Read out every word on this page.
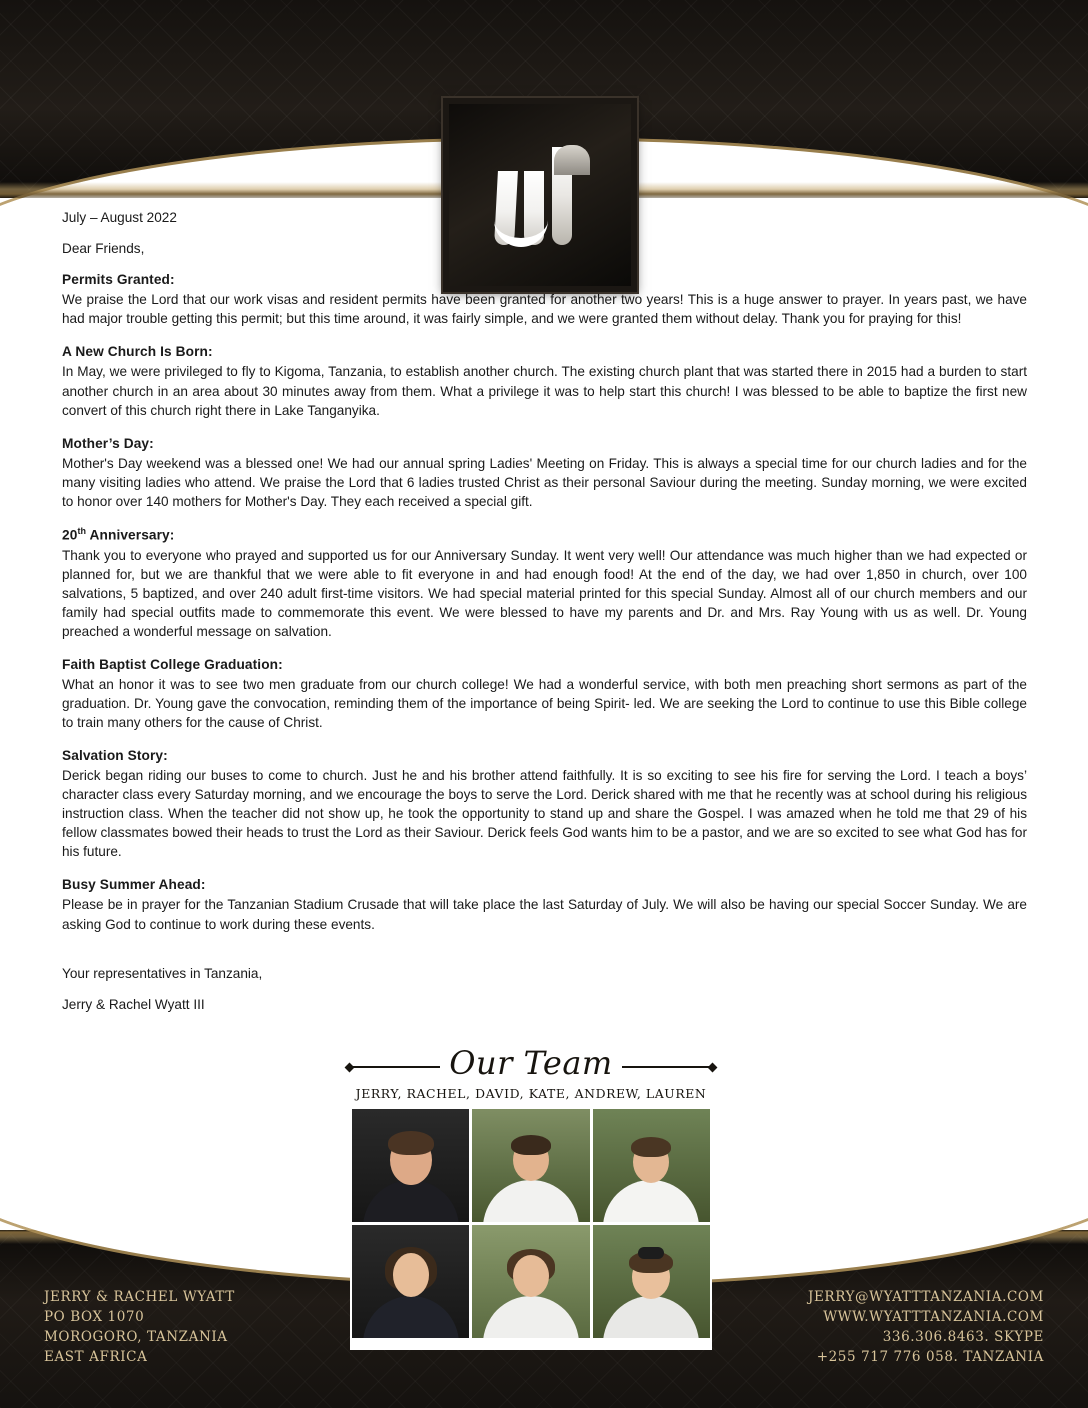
July – August 2022

Dear Friends,

Permits Granted:

We praise the Lord that our work visas and resident permits have been granted for another two years! This is a huge answer to prayer. In years past, we have had major trouble getting this permit; but this time around, it was fairly simple, and we were granted them without delay. Thank you for praying for this!

A New Church Is Born:

In May, we were privileged to fly to Kigoma, Tanzania, to establish another church. The existing church plant that was started there in 2015 had a burden to start another church in an area about 30 minutes away from them. What a privilege it was to help start this church! I was blessed to be able to baptize the first new convert of this church right there in Lake Tanganyika.

Mother’s Day:

Mother's Day weekend was a blessed one! We had our annual spring Ladies' Meeting on Friday. This is always a special time for our church ladies and for the many visiting ladies who attend. We praise the Lord that 6 ladies trusted Christ as their personal Saviour during the meeting. Sunday morning, we were excited to honor over 140 mothers for Mother's Day. They each received a special gift.

20th Anniversary:

Thank you to everyone who prayed and supported us for our Anniversary Sunday. It went very well! Our attendance was much higher than we had expected or planned for, but we are thankful that we were able to fit everyone in and had enough food! At the end of the day, we had over 1,850 in church, over 100 salvations, 5 baptized, and over 240 adult first-time visitors. We had special material printed for this special Sunday. Almost all of our church members and our family had special outfits made to commemorate this event. We were blessed to have my parents and Dr. and Mrs. Ray Young with us as well. Dr. Young preached a wonderful message on salvation.

Faith Baptist College Graduation:

What an honor it was to see two men graduate from our church college! We had a wonderful service, with both men preaching short sermons as part of the graduation. Dr. Young gave the convocation, reminding them of the importance of being Spirit- led. We are seeking the Lord to continue to use this Bible college to train many others for the cause of Christ.

Salvation Story:

Derick began riding our buses to come to church. Just he and his brother attend faithfully. It is so exciting to see his fire for serving the Lord. I teach a boys’ character class every Saturday morning, and we encourage the boys to serve the Lord. Derick shared with me that he recently was at school during his religious instruction class. When the teacher did not show up, he took the opportunity to stand up and share the Gospel. I was amazed when he told me that 29 of his fellow classmates bowed their heads to trust the Lord as their Saviour. Derick feels God wants him to be a pastor, and we are so excited to see what God has for his future.

Busy Summer Ahead:

Please be in prayer for the Tanzanian Stadium Crusade that will take place the last Saturday of July. We will also be having our special Soccer Sunday. We are asking God to continue to work during these events.

Your representatives in Tanzania,

Jerry & Rachel Wyatt III

Our Team

JERRY, RACHEL, DAVID, KATE, ANDREW, LAUREN

JERRY & RACHEL WYATT
PO BOX 1070
MOROGORO, TANZANIA
EAST AFRICA
JERRY@WYATTTANZANIA.COM
WWW.WYATTTANZANIA.COM
336.306.8463. SKYPE
+255 717 776 058. TANZANIA
